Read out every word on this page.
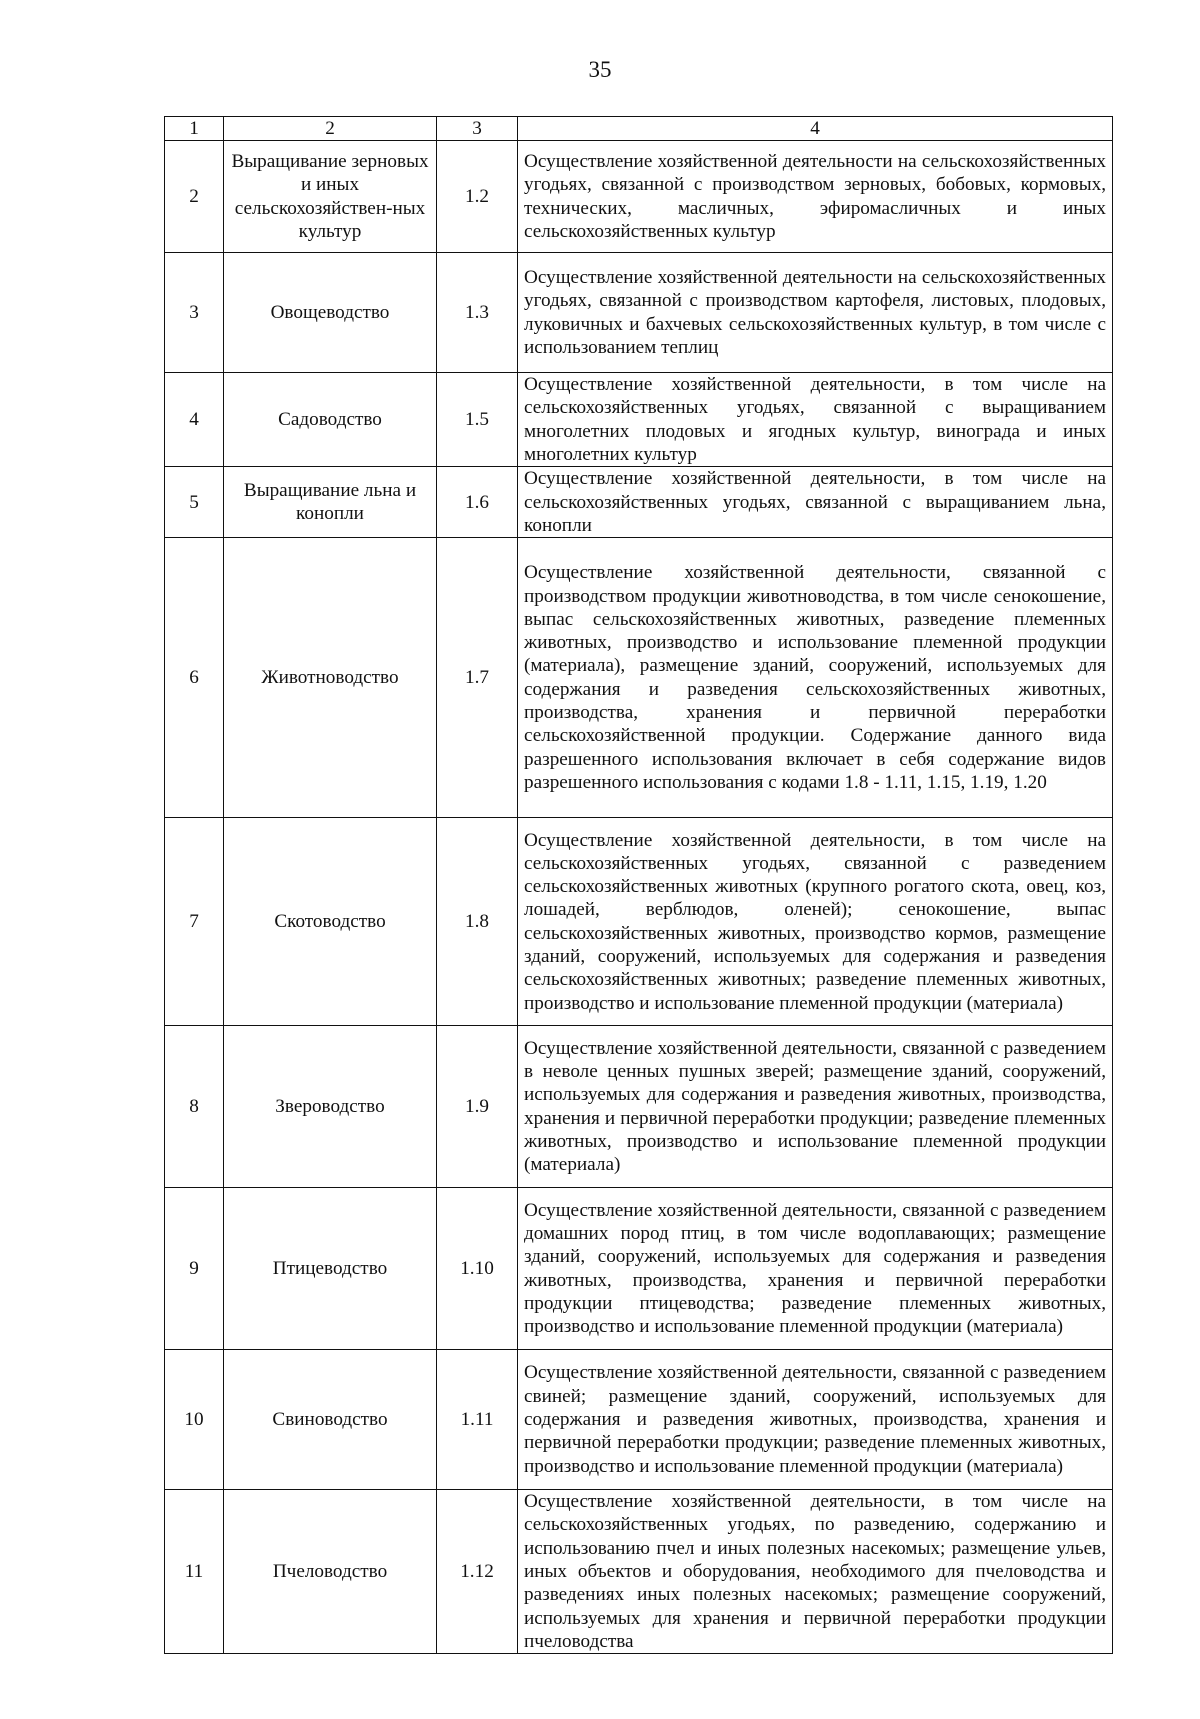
35
1	2	3	4
2	Выращивание зерновых и иных сельскохозяйствен-ных культур	1.2	Осуществление хозяйственной деятельности на сельскохозяйственных угодьях, связанной с производством зерновых, бобовых, кормовых, технических, масличных, эфиромасличных и иных сельскохозяйственных культур
3	Овощеводство	1.3	Осуществление хозяйственной деятельности на сельскохозяйственных угодьях, связанной с производством картофеля, листовых, плодовых, луковичных и бахчевых сельскохозяйственных культур, в том числе с использованием теплиц
4	Садоводство	1.5	Осуществление хозяйственной деятельности, в том числе на сельскохозяйственных угодьях, связанной с выращиванием многолетних плодовых и ягодных культур, винограда и иных многолетних культур
5	Выращивание льна и конопли	1.6	Осуществление хозяйственной деятельности, в том числе на сельскохозяйственных угодьях, связанной с выращиванием льна, конопли
6	Животноводство	1.7	Осуществление хозяйственной деятельности, связанной с производством продукции животноводства, в том числе сенокошение, выпас сельскохозяйственных животных, разведение племенных животных, производство и использование племенной продукции (материала), размещение зданий, сооружений, используемых для содержания и разведения сельскохозяйственных животных, производства, хранения и первичной переработки сельскохозяйственной продукции. Содержание данного вида разрешенного использования включает в себя содержание видов разрешенного использования с кодами 1.8 - 1.11, 1.15, 1.19, 1.20
7	Скотоводство	1.8	Осуществление хозяйственной деятельности, в том числе на сельскохозяйственных угодьях, связанной с разведением сельскохозяйственных животных (крупного рогатого скота, овец, коз, лошадей, верблюдов, оленей); сенокошение, выпас сельскохозяйственных животных, производство кормов, размещение зданий, сооружений, используемых для содержания и разведения сельскохозяйственных животных; разведение племенных животных, производство и использование племенной продукции (материала)
8	Звероводство	1.9	Осуществление хозяйственной деятельности, связанной с разведением в неволе ценных пушных зверей; размещение зданий, сооружений, используемых для содержания и разведения животных, производства, хранения и первичной переработки продукции; разведение племенных животных, производство и использование племенной продукции (материала)
9	Птицеводство	1.10	Осуществление хозяйственной деятельности, связанной с разведением домашних пород птиц, в том числе водоплавающих; размещение зданий, сооружений, используемых для содержания и разведения животных, производства, хранения и первичной переработки продукции птицеводства; разведение племенных животных, производство и использование племенной продукции (материала)
10	Свиноводство	1.11	Осуществление хозяйственной деятельности, связанной с разведением свиней; размещение зданий, сооружений, используемых для содержания и разведения животных, производства, хранения и первичной переработки продукции; разведение племенных животных, производство и использование племенной продукции (материала)
11	Пчеловодство	1.12	Осуществление хозяйственной деятельности, в том числе на сельскохозяйственных угодьях, по разведению, содержанию и использованию пчел и иных полезных насекомых; размещение ульев, иных объектов и оборудования, необходимого для пчеловодства и разведениях иных полезных насекомых; размещение сооружений, используемых для хранения и первичной переработки продукции пчеловодства
